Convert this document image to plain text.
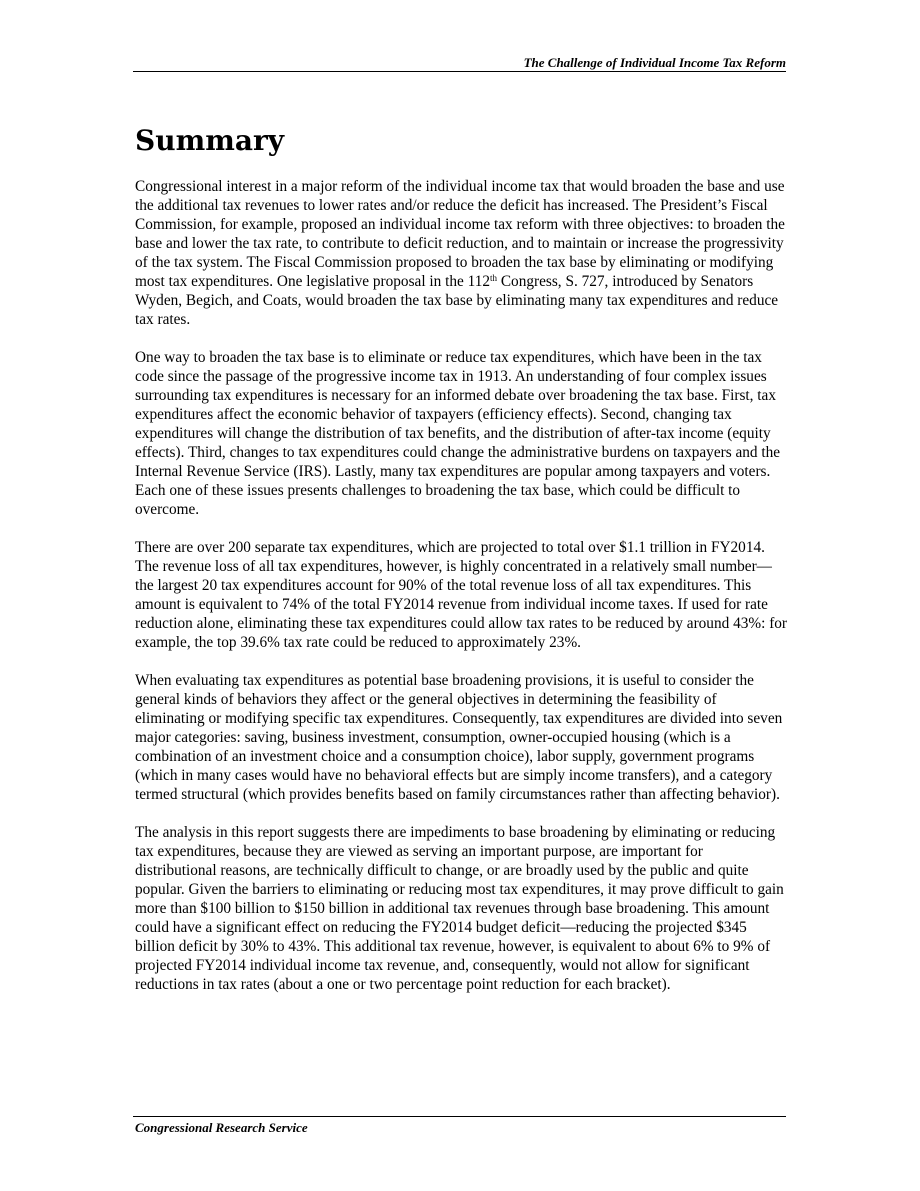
The Challenge of Individual Income Tax Reform
Summary

Congressional interest in a major reform of the individual income tax that would broaden the base and use the additional tax revenues to lower rates and/or reduce the deficit has increased. The President’s Fiscal Commission, for example, proposed an individual income tax reform with three objectives: to broaden the base and lower the tax rate, to contribute to deficit reduction, and to maintain or increase the progressivity of the tax system. The Fiscal Commission proposed to broaden the tax base by eliminating or modifying most tax expenditures. One legislative proposal in the 112th Congress, S. 727, introduced by Senators Wyden, Begich, and Coats, would broaden the tax base by eliminating many tax expenditures and reduce tax rates.

One way to broaden the tax base is to eliminate or reduce tax expenditures, which have been in the tax code since the passage of the progressive income tax in 1913. An understanding of four complex issues surrounding tax expenditures is necessary for an informed debate over broadening the tax base. First, tax expenditures affect the economic behavior of taxpayers (efficiency effects). Second, changing tax expenditures will change the distribution of tax benefits, and the distribution of after-tax income (equity effects). Third, changes to tax expenditures could change the administrative burdens on taxpayers and the Internal Revenue Service (IRS). Lastly, many tax expenditures are popular among taxpayers and voters. Each one of these issues presents challenges to broadening the tax base, which could be difficult to overcome.

There are over 200 separate tax expenditures, which are projected to total over $1.1 trillion in FY2014. The revenue loss of all tax expenditures, however, is highly concentrated in a relatively small number—the largest 20 tax expenditures account for 90% of the total revenue loss of all tax expenditures. This amount is equivalent to 74% of the total FY2014 revenue from individual income taxes. If used for rate reduction alone, eliminating these tax expenditures could allow tax rates to be reduced by around 43%: for example, the top 39.6% tax rate could be reduced to approximately 23%.

When evaluating tax expenditures as potential base broadening provisions, it is useful to consider the general kinds of behaviors they affect or the general objectives in determining the feasibility of eliminating or modifying specific tax expenditures. Consequently, tax expenditures are divided into seven major categories: saving, business investment, consumption, owner-occupied housing (which is a combination of an investment choice and a consumption choice), labor supply, government programs (which in many cases would have no behavioral effects but are simply income transfers), and a category termed structural (which provides benefits based on family circumstances rather than affecting behavior).

The analysis in this report suggests there are impediments to base broadening by eliminating or reducing tax expenditures, because they are viewed as serving an important purpose, are important for distributional reasons, are technically difficult to change, or are broadly used by the public and quite popular. Given the barriers to eliminating or reducing most tax expenditures, it may prove difficult to gain more than $100 billion to $150 billion in additional tax revenues through base broadening. This amount could have a significant effect on reducing the FY2014 budget deficit—reducing the projected $345 billion deficit by 30% to 43%. This additional tax revenue, however, is equivalent to about 6% to 9% of projected FY2014 individual income tax revenue, and, consequently, would not allow for significant reductions in tax rates (about a one or two percentage point reduction for each bracket).

Congressional Research Service
